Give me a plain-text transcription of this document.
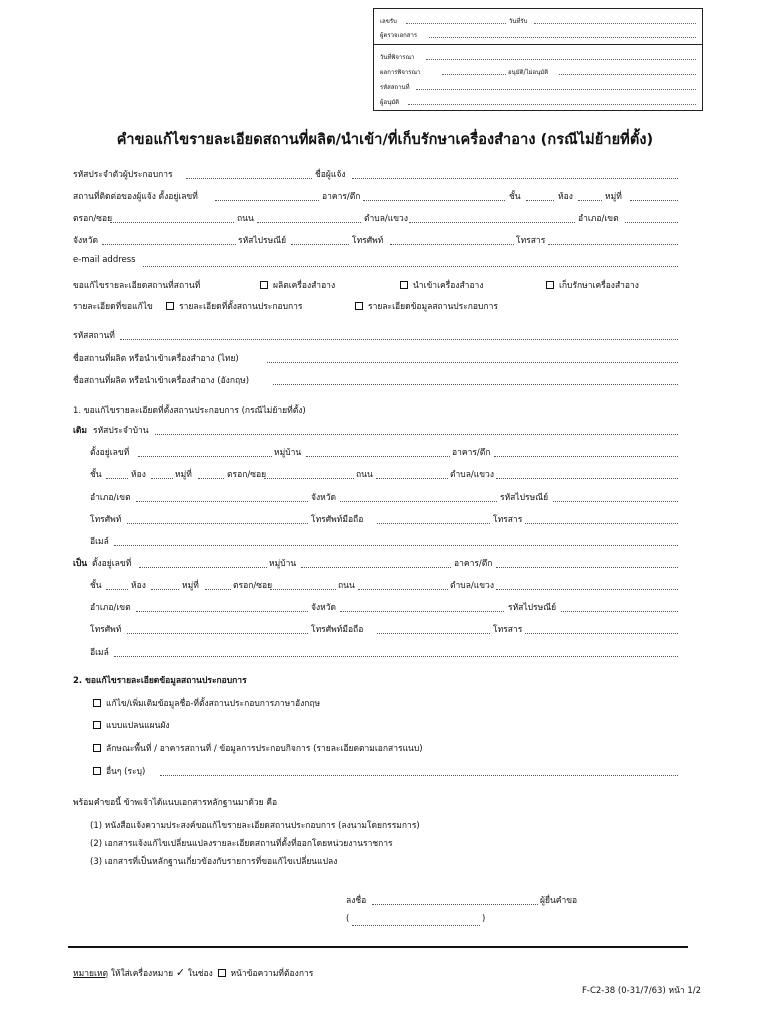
เลขรับ	วันที่รับ
ผู้ตรวจเอกสาร
วันที่พิจารณา
ผลการพิจารณา	อนุมัติ/ไม่อนุมัติ
รหัสสถานที่
ผู้อนุมัติ
คำขอแก้ไขรายละเอียดสถานที่ผลิต/นำเข้า/ที่เก็บรักษาเครื่องสำอาง (กรณีไม่ย้ายที่ตั้ง)
รหัสประจำตัวผู้ประกอบการ	ชื่อผู้แจ้ง
สถานที่ติดต่อของผู้แจ้ง ตั้งอยู่เลขที่	อาคาร/ตึก	ชั้น	ห้อง	หมู่ที่
ตรอก/ซอย	ถนน	ตำบล/แขวง	อำเภอ/เขต
จังหวัด	รหัสไปรษณีย์	โทรศัพท์	โทรสาร
e-mail address
ขอแก้ไขรายละเอียดสถานที่สถานที่	ผลิตเครื่องสำอาง	นำเข้าเครื่องสำอาง	เก็บรักษาเครื่องสำอาง
รายละเอียดที่ขอแก้ไข	รายละเอียดที่ตั้งสถานประกอบการ	รายละเอียดข้อมูลสถานประกอบการ
รหัสสถานที่
ชื่อสถานที่ผลิต หรือนำเข้าเครื่องสำอาง (ไทย)
ชื่อสถานที่ผลิต หรือนำเข้าเครื่องสำอาง (อังกฤษ)
1. ขอแก้ไขรายละเอียดที่ตั้งสถานประกอบการ (กรณีไม่ย้ายที่ตั้ง)
เดิม รหัสประจำบ้าน
ตั้งอยู่เลขที่	หมู่บ้าน	อาคาร/ตึก
ชั้น	ห้อง	หมู่ที่	ตรอก/ซอย	ถนน	ตำบล/แขวง
อำเภอ/เขต	จังหวัด	รหัสไปรษณีย์
โทรศัพท์	โทรศัพท์มือถือ	โทรสาร
อีเมล์
เป็น ตั้งอยู่เลขที่	หมู่บ้าน	อาคาร/ตึก
ชั้น	ห้อง	หมู่ที่	ตรอก/ซอย	ถนน	ตำบล/แขวง
อำเภอ/เขต	จังหวัด	รหัสไปรษณีย์
โทรศัพท์	โทรศัพท์มือถือ	โทรสาร
อีเมล์
2. ขอแก้ไขรายละเอียดข้อมูลสถานประกอบการ
แก้ไข/เพิ่มเติมข้อมูลชื่อ-ที่ตั้งสถานประกอบการภาษาอังกฤษ
แบบแปลนแผนผัง
ลักษณะพื้นที่ / อาคารสถานที่ / ข้อมูลการประกอบกิจการ (รายละเอียดตามเอกสารแนบ)
อื่นๆ (ระบุ)
พร้อมคำขอนี้ ข้าพเจ้าได้แนบเอกสารหลักฐานมาด้วย คือ
(1) หนังสือแจ้งความประสงค์ขอแก้ไขรายละเอียดสถานประกอบการ (ลงนามโดยกรรมการ)
(2) เอกสารแจ้งแก้ไขเปลี่ยนแปลงรายละเอียดสถานที่ตั้งที่ออกโดยหน่วยงานราชการ
(3) เอกสารที่เป็นหลักฐานเกี่ยวข้องกับรายการที่ขอแก้ไขเปลี่ยนแปลง
ลงชื่อ	ผู้ยื่นคำขอ
(	)
หมายเหตุ ให้ใส่เครื่องหมาย ✓ ในช่อง หน้าข้อความที่ต้องการ
F-C2-38 (0-31/7/63) หน้า 1/2
